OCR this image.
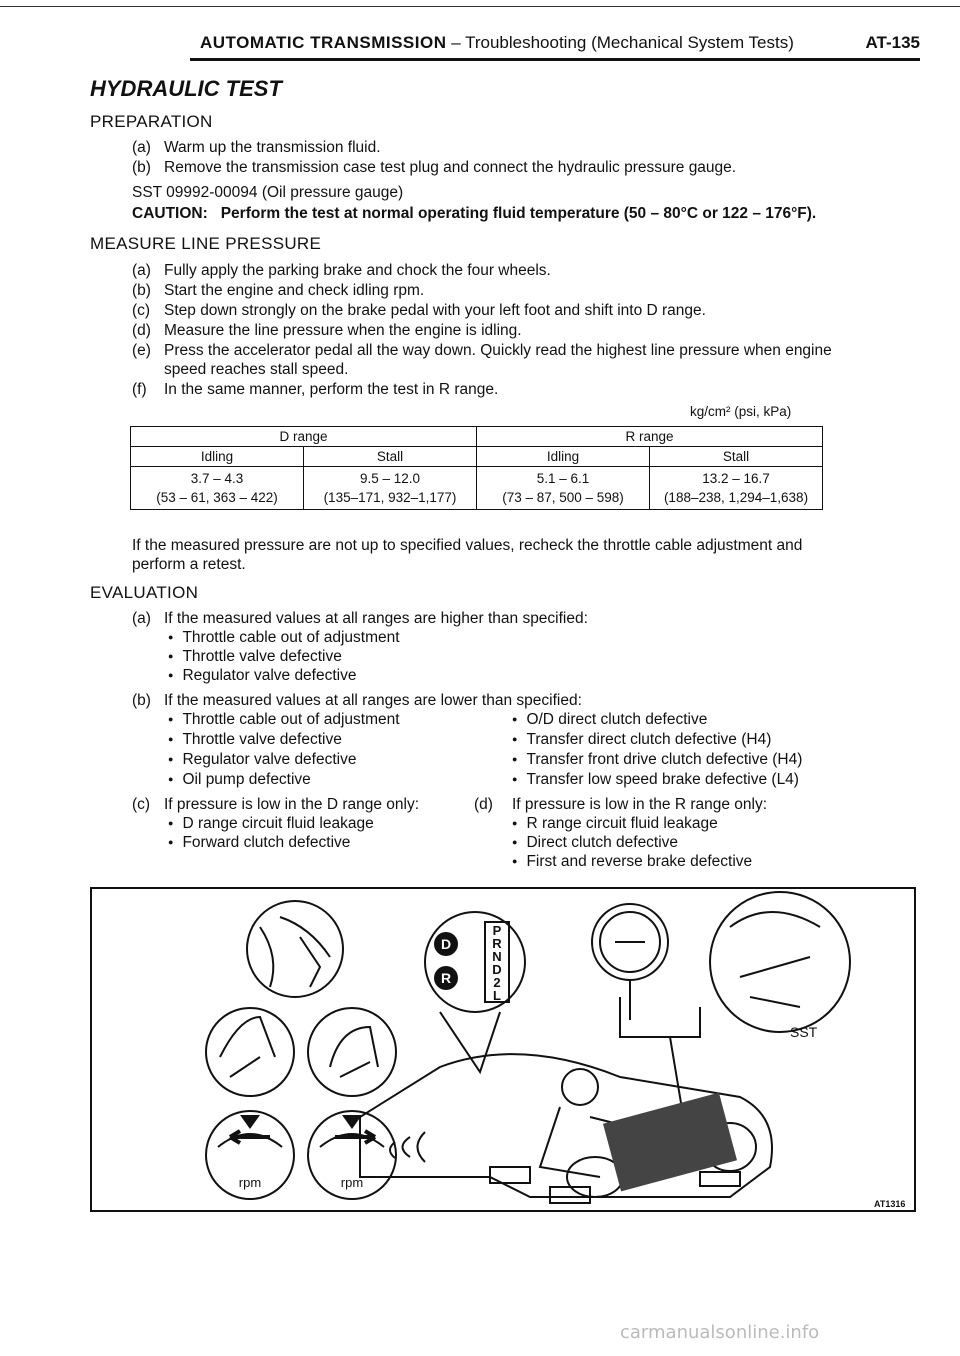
AUTOMATIC TRANSMISSION – Troubleshooting (Mechanical System Tests)	AT-135
HYDRAULIC TEST
PREPARATION
(a) Warm up the transmission fluid.
(b) Remove the transmission case test plug and connect the hydraulic pressure gauge.
SST 09992-00094 (Oil pressure gauge)
CAUTION: Perform the test at normal operating fluid temperature (50 – 80°C or 122 – 176°F).
MEASURE LINE PRESSURE
(a) Fully apply the parking brake and chock the four wheels.
(b) Start the engine and check idling rpm.
(c) Step down strongly on the brake pedal with your left foot and shift into D range.
(d) Measure the line pressure when the engine is idling.
(e) Press the accelerator pedal all the way down. Quickly read the highest line pressure when engine
speed reaches stall speed.
(f) In the same manner, perform the test in R range.
kg/cm² (psi, kPa)
D range		R range	
Idling	Stall	Idling	Stall
3.7 – 4.3	9.5 – 12.0	5.1 – 6.1	13.2 – 16.7
(53 – 61, 363 – 422)	(135–171, 932–1,177)	(73 – 87, 500 – 598)	(188–238, 1,294–1,638)
If the measured pressure are not up to specified values, recheck the throttle cable adjustment and
perform a retest.
EVALUATION
(a) If the measured values at all ranges are higher than specified:
● Throttle cable out of adjustment
● Throttle valve defective
● Regulator valve defective
(b) If the measured values at all ranges are lower than specified:
● Throttle cable out of adjustment
● Throttle valve defective
● Regulator valve defective
● Oil pump defective
● O/D direct clutch defective
● Transfer direct clutch defective (H4)
● Transfer front drive clutch defective (H4)
● Transfer low speed brake defective (L4)
(c) If pressure is low in the D range only:
● D range circuit fluid leakage
● Forward clutch defective
(d) If pressure is low in the R range only:
● R range circuit fluid leakage
● Direct clutch defective
● First and reverse brake defective
D
R
P
R
N
D
2
L
rpm	rpm
SST
AT1316
carmanualsonline.info
